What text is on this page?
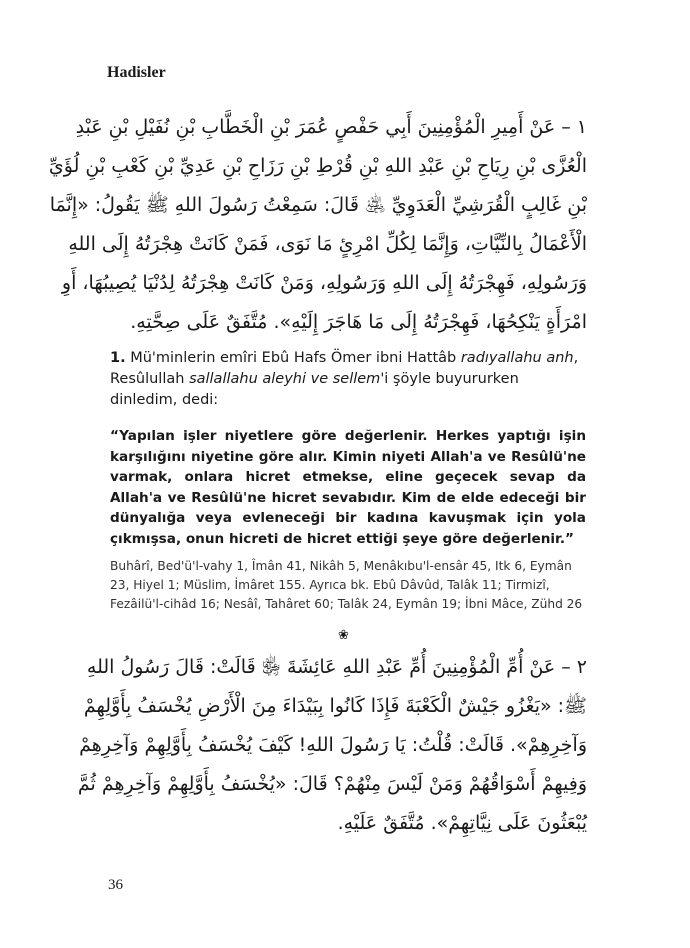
Hadisler

١ – عَنْ أَمِيرِ الْمُؤْمِنِينَ أَبِي حَفْصٍ عُمَرَ بْنِ الْخَطَّابِ بْنِ نُفَيْلِ بْنِ عَبْدِ

الْعُزَّى بْنِ رِيَاحِ بْنِ عَبْدِ اللهِ بْنِ قُرْطِ بْنِ رَزَاحِ بْنِ عَدِيِّ بْنِ كَعْبِ بْنِ لُؤَيِّ

بْنِ غَالِبٍ الْقُرَشِيِّ الْعَدَوِيِّ ﵁ قَالَ: سَمِعْتُ رَسُولَ اللهِ ﷺ يَقُولُ: «إِنَّمَا

الْأَعْمَالُ بِالنِّيَّاتِ، وَإِنَّمَا لِكُلِّ امْرِئٍ مَا نَوَى، فَمَنْ كَانَتْ هِجْرَتُهُ إِلَى اللهِ

وَرَسُولِهِ، فَهِجْرَتُهُ إِلَى اللهِ وَرَسُولِهِ، وَمَنْ كَانَتْ هِجْرَتُهُ لِدُنْيَا يُصِيبُهَا، أَوِ

امْرَأَةٍ يَنْكِحُهَا، فَهِجْرَتُهُ إِلَى مَا هَاجَرَ إِلَيْهِ». مُتَّفَقٌ عَلَى صِحَّتِهِ.

1. Mü'minlerin emîri Ebû Hafs Ömer ibni Hattâb radıyallahu anh, Resûlullah sallallahu aleyhi ve sellem'i şöyle buyururken dinledim, dedi:
“Yapılan işler niyetlere göre değerlenir. Herkes yaptığı işin karşılığını niyetine göre alır. Kimin niyeti Allah'a ve Resûlü'ne varmak, onlara hicret etmekse, eline geçecek sevap da Allah'a ve Resûlü'ne hicret sevabıdır. Kim de elde edeceği bir dünyalığa veya evleneceği bir kadına kavuşmak için yola çıkmışsa, onun hicreti de hicret ettiği şeye göre değerlenir.”
Buhârî, Bed'ü'l-vahy 1, Îmân 41, Nikâh 5, Menâkıbu'l-ensâr 45, Itk 6, Eymân 23, Hiyel 1; Müslim, İmâret 155. Ayrıca bk. Ebû Dâvûd, Talâk 11; Tirmizî, Fezâilü'l-cihâd 16; Nesâî, Tahâret 60; Talâk 24, Eymân 19; İbni Mâce, Zühd 26
❀

٢ – عَنْ أُمِّ الْمُؤْمِنِينَ أُمِّ عَبْدِ اللهِ عَائِشَةَ ﵂ قَالَتْ: قَالَ رَسُولُ اللهِ

ﷺ: «يَغْزُو جَيْشٌ الْكَعْبَةَ فَإِذَا كَانُوا بِبَيْدَاءَ مِنَ الْأَرْضِ يُخْسَفُ بِأَوَّلِهِمْ

وَآخِرِهِمْ». قَالَتْ: قُلْتُ: يَا رَسُولَ اللهِ! كَيْفَ يُخْسَفُ بِأَوَّلِهِمْ وَآخِرِهِمْ

وَفِيهِمْ أَسْوَاقُهُمْ وَمَنْ لَيْسَ مِنْهُمْ؟ قَالَ: «يُخْسَفُ بِأَوَّلِهِمْ وَآخِرِهِمْ ثُمَّ

يُبْعَثُونَ عَلَى نِيَّاتِهِمْ». مُتَّفَقٌ عَلَيْهِ.

36
